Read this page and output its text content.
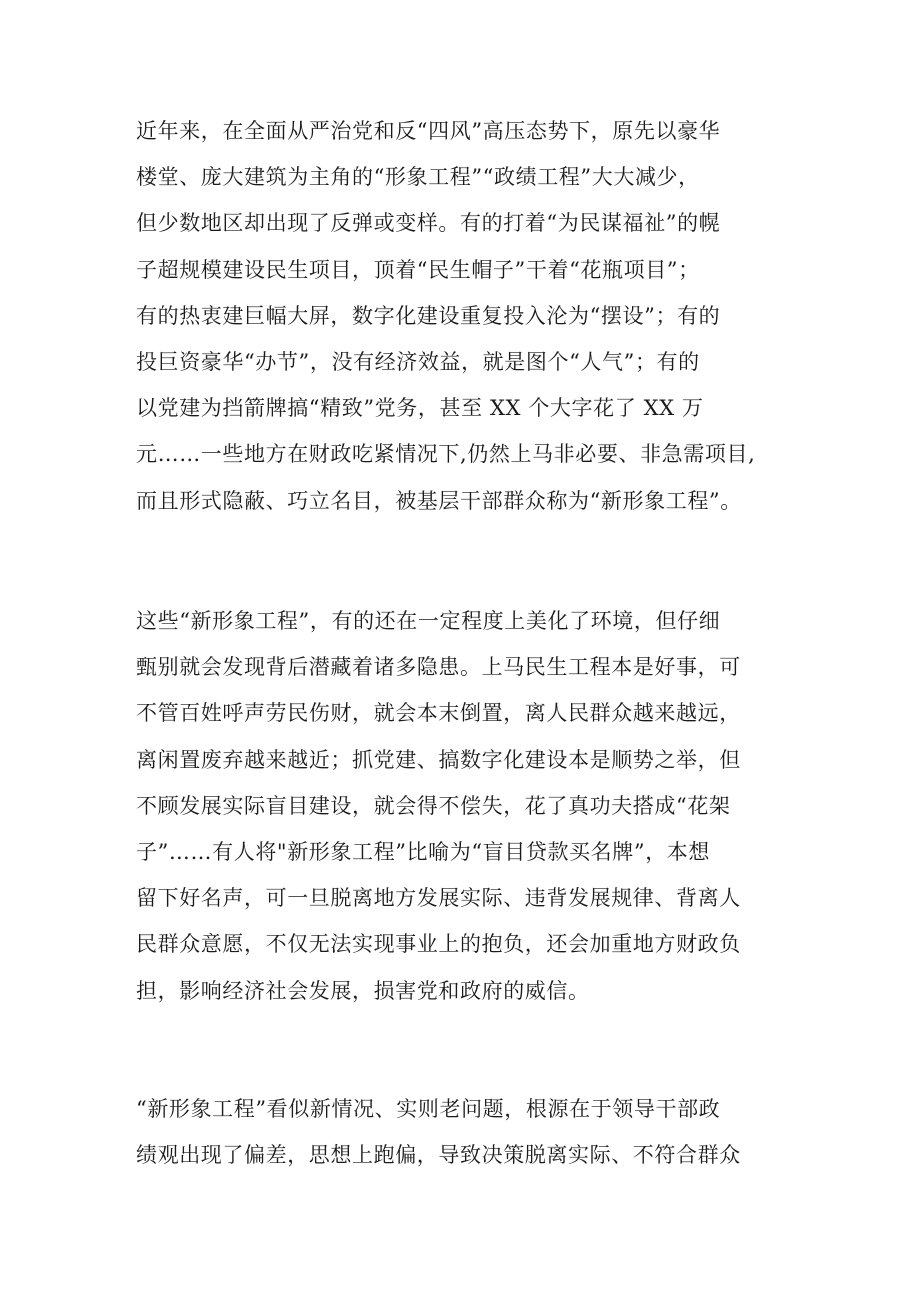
近年来，在全面从严治党和反“四风”高压态势下，原先以豪华
楼堂、庞大建筑为主角的“形象工程”“政绩工程”大大减少，
但少数地区却出现了反弹或变样。有的打着“为民谋福祉”的幌
子超规模建设民生项目，顶着“民生帽子”干着“花瓶项目”；
有的热衷建巨幅大屏，数字化建设重复投入沦为“摆设”；有的
投巨资豪华“办节”，没有经济效益，就是图个“人气”；有的
以党建为挡箭牌搞“精致”党务，甚至 XX 个大字花了 XX 万
元……一些地方在财政吃紧情况下,仍然上马非必要、非急需项目,
而且形式隐蔽、巧立名目，被基层干部群众称为“新形象工程”。
这些“新形象工程”，有的还在一定程度上美化了环境，但仔细
甄别就会发现背后潜藏着诸多隐患。上马民生工程本是好事，可
不管百姓呼声劳民伤财，就会本末倒置，离人民群众越来越远，
离闲置废弃越来越近；抓党建、搞数字化建设本是顺势之举，但
不顾发展实际盲目建设，就会得不偿失，花了真功夫搭成“花架
子”……有人将"新形象工程”比喻为“盲目贷款买名牌”，本想
留下好名声，可一旦脱离地方发展实际、违背发展规律、背离人
民群众意愿，不仅无法实现事业上的抱负，还会加重地方财政负
担，影响经济社会发展，损害党和政府的威信。
“新形象工程”看似新情况、实则老问题，根源在于领导干部政
绩观出现了偏差，思想上跑偏，导致决策脱离实际、不符合群众
